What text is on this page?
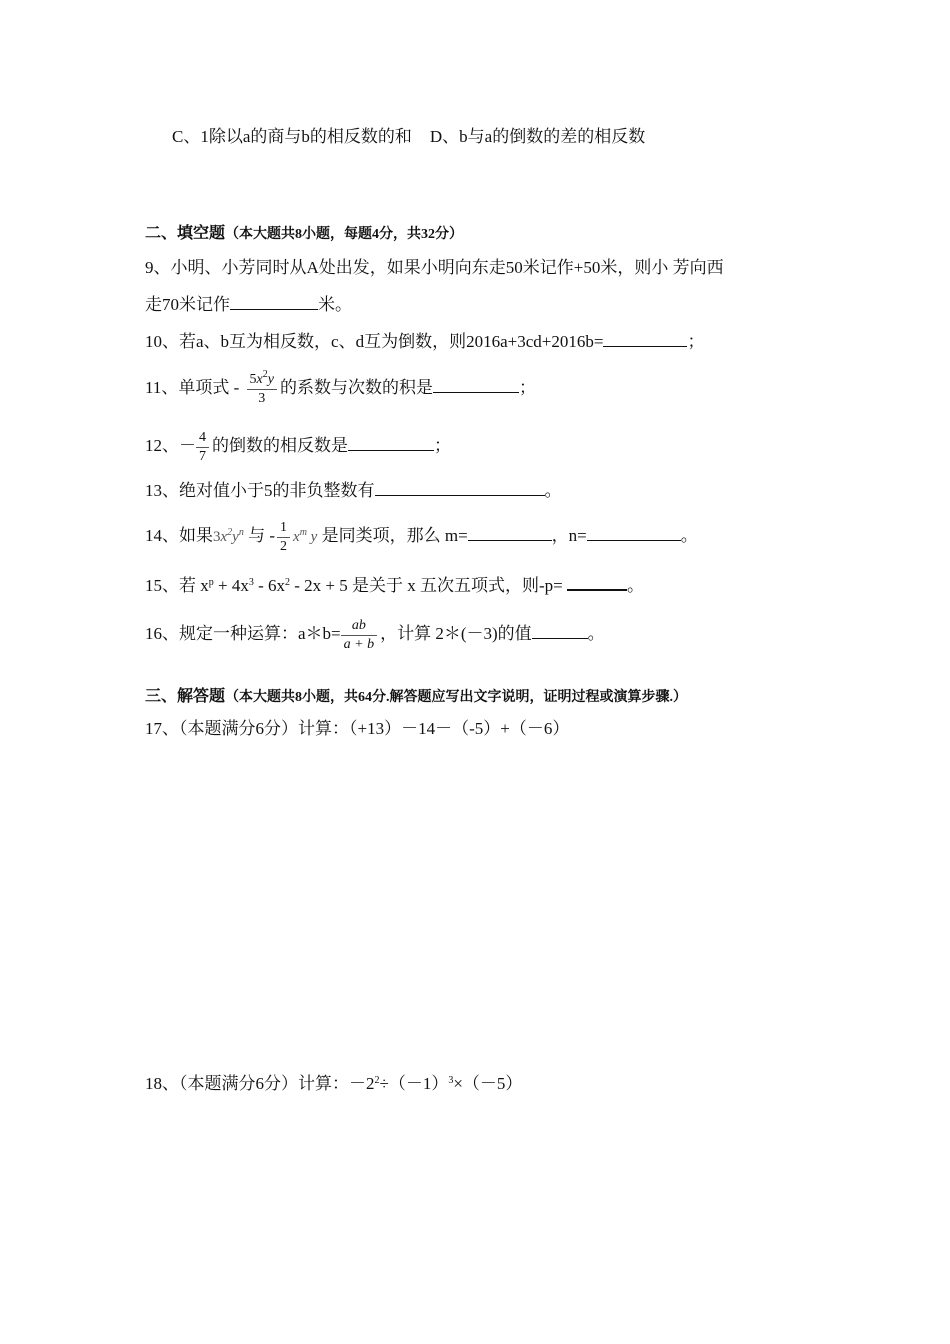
C、1除以a的商与b的相反数的和 D、b与a的倒数的差的相反数
二、填空题（本大题共8小题，每题4分，共32分）
9、小明、小芳同时从A处出发，如果小明向东走50米记作+50米，则小 芳向西
走70米记作	米。
10、若a、b互为相反数，c、d互为倒数，则2016a+3cd+2016b=	；
11、单项式 - $\frac{5x^2y}{3}$ 的系数与次数的积是	；
12、－ $\frac{4}{7}$ 的倒数的相反数是	；
13、绝对值小于5的非负整数有	。
14、如果$3x^2y^n$ 与 - $\frac{1}{2} x^m$ y 是同类项，那么 m=	，n=	。
15、若 $x^p + 4x^3 - 6x^2 - 2x + 5$ 是关于 x 五次五项式，则-p=	。
16、规定一种运算：a＊b= $\frac{ab}{a + b}$ ，计算 2＊(－3)的值	。
三、解答题（本大题共8小题，共64分.解答题应写出文字说明，证明过程或演算步骤.）
17、（本题满分6分）计算：（+13）－14－（-5）+（－6）
18、（本题满分6分）计算：$-2^2\div(-1)^3\times(-5)$
